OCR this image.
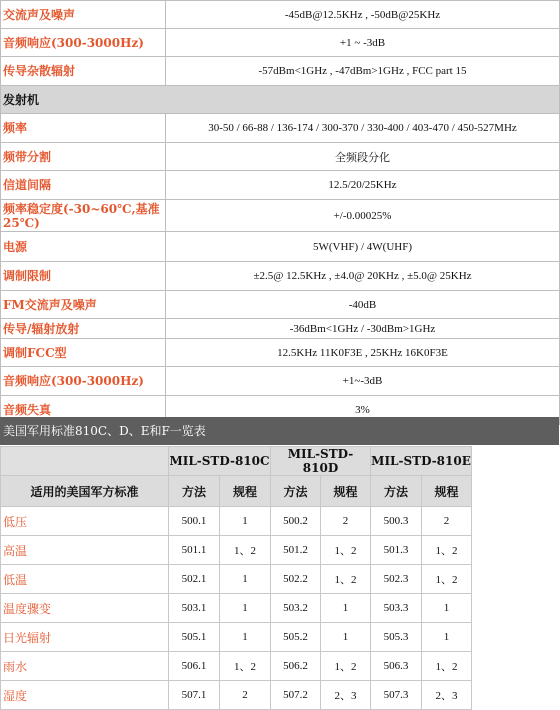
交流声及噪声	-45dB@12.5KHz , -50dB@25KHz
音频响应(300-3000Hz)	+1 ~ -3dB
传导杂散辐射	-57dBm<1GHz , -47dBm>1GHz , FCC part 15
发射机	
频率	30-50 / 66-88 / 136-174 / 300-370 / 330-400 / 403-470 / 450-527MHz
频带分割	全频段分化
信道间隔	12.5/20/25KHz
频率稳定度(-30~60℃,基准25℃)	+/-0.00025%
电源	5W(VHF) / 4W(UHF)
调制限制	±2.5@ 12.5KHz , ±4.0@ 20KHz , ±5.0@ 25KHz
FM交流声及噪声	-40dB
传导/辐射放射	-36dBm<1GHz / -30dBm>1GHz
调制FCC型	12.5KHz 11K0F3E , 25KHz 16K0F3E
音频响应(300-3000Hz)	+1~-3dB
音频失真	3%
美国军用标准810C、D、E和F一览表
	MIL-STD-810C		MIL-STD-810D		MIL-STD-810E	
适用的美国军方标准	方法	规程	方法	规程	方法	规程
低压	500.1	1	500.2	2	500.3	2
高温	501.1	1、2	501.2	1、2	501.3	1、2
低温	502.1	1	502.2	1、2	502.3	1、2
温度骤变	503.1	1	503.2	1	503.3	1
日光辐射	505.1	1	505.2	1	505.3	1
雨水	506.1	1、2	506.2	1、2	506.3	1、2
湿度	507.1	2	507.2	2、3	507.3	2、3
